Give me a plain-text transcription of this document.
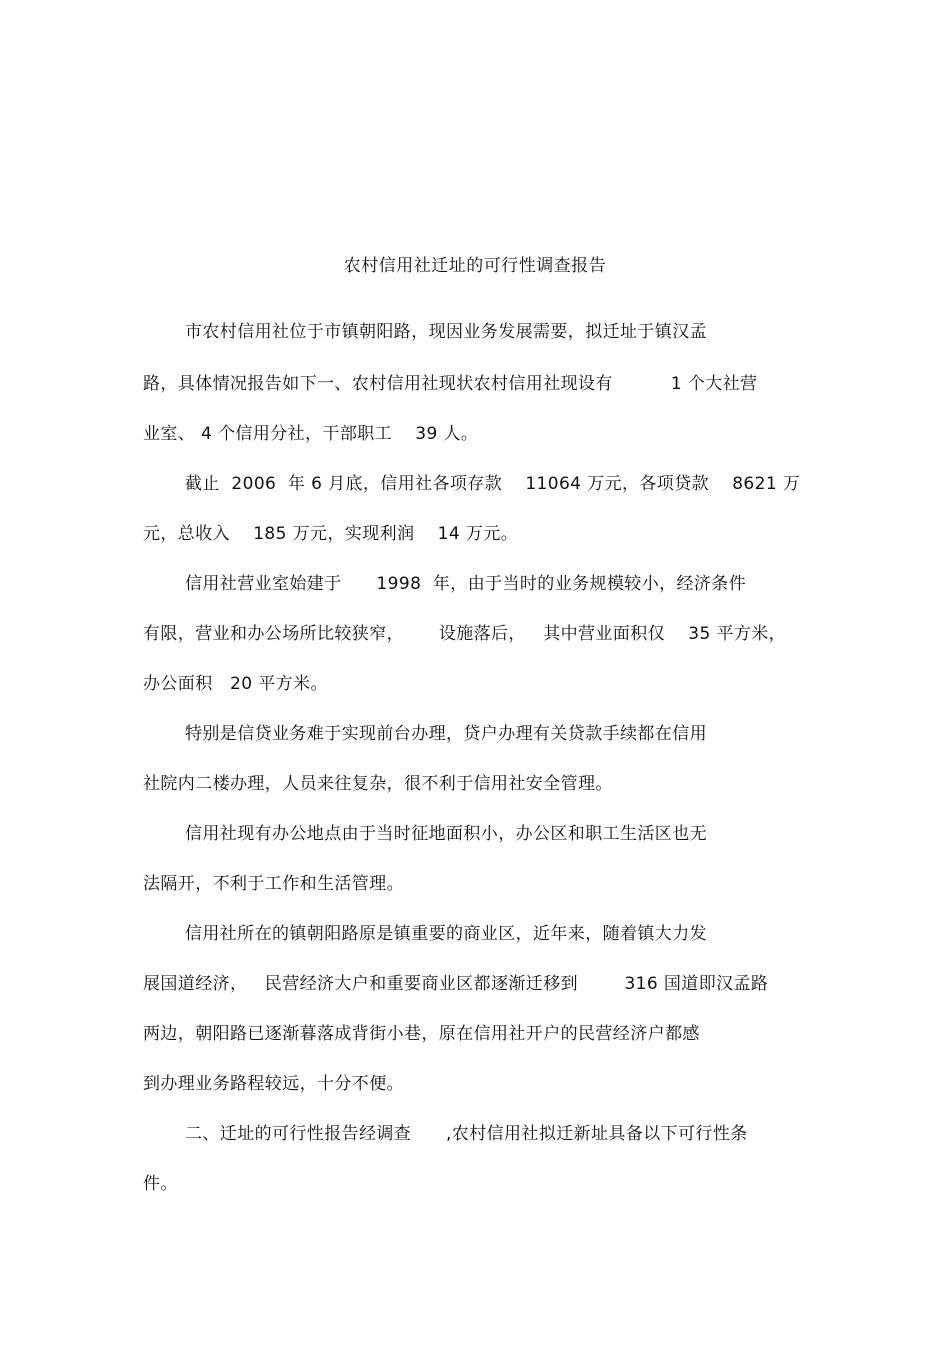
农村信用社迁址的可行性调查报告
市农村信用社位于市镇朝阳路，现因业务发展需要，拟迁址于镇汉孟
路，具体情况报告如下一、农村信用社现状农村信用社现设有          1 个大社营
业室、 4 个信用分社，干部职工    39 人。
截止  2006  年 6 月底，信用社各项存款    11064 万元，各项贷款    8621 万
元，总收入    185 万元，实现利润    14 万元。
信用社营业室始建于      1998  年，由于当时的业务规模较小，经济条件
有限，营业和办公场所比较狭窄，      设施落后，   其中营业面积仅    35 平方米，
办公面积   20 平方米。
特别是信贷业务难于实现前台办理，贷户办理有关贷款手续都在信用
社院内二楼办理，人员来往复杂，很不利于信用社安全管理。
信用社现有办公地点由于当时征地面积小，办公区和职工生活区也无
法隔开，不利于工作和生活管理。
信用社所在的镇朝阳路原是镇重要的商业区，近年来，随着镇大力发
展国道经济，   民营经济大户和重要商业区都逐渐迁移到        316 国道即汉孟路
两边，朝阳路已逐渐暮落成背街小巷，原在信用社开户的民营经济户都感
到办理业务路程较远，十分不便。
二、迁址的可行性报告经调查      ,农村信用社拟迁新址具备以下可行性条
件。
